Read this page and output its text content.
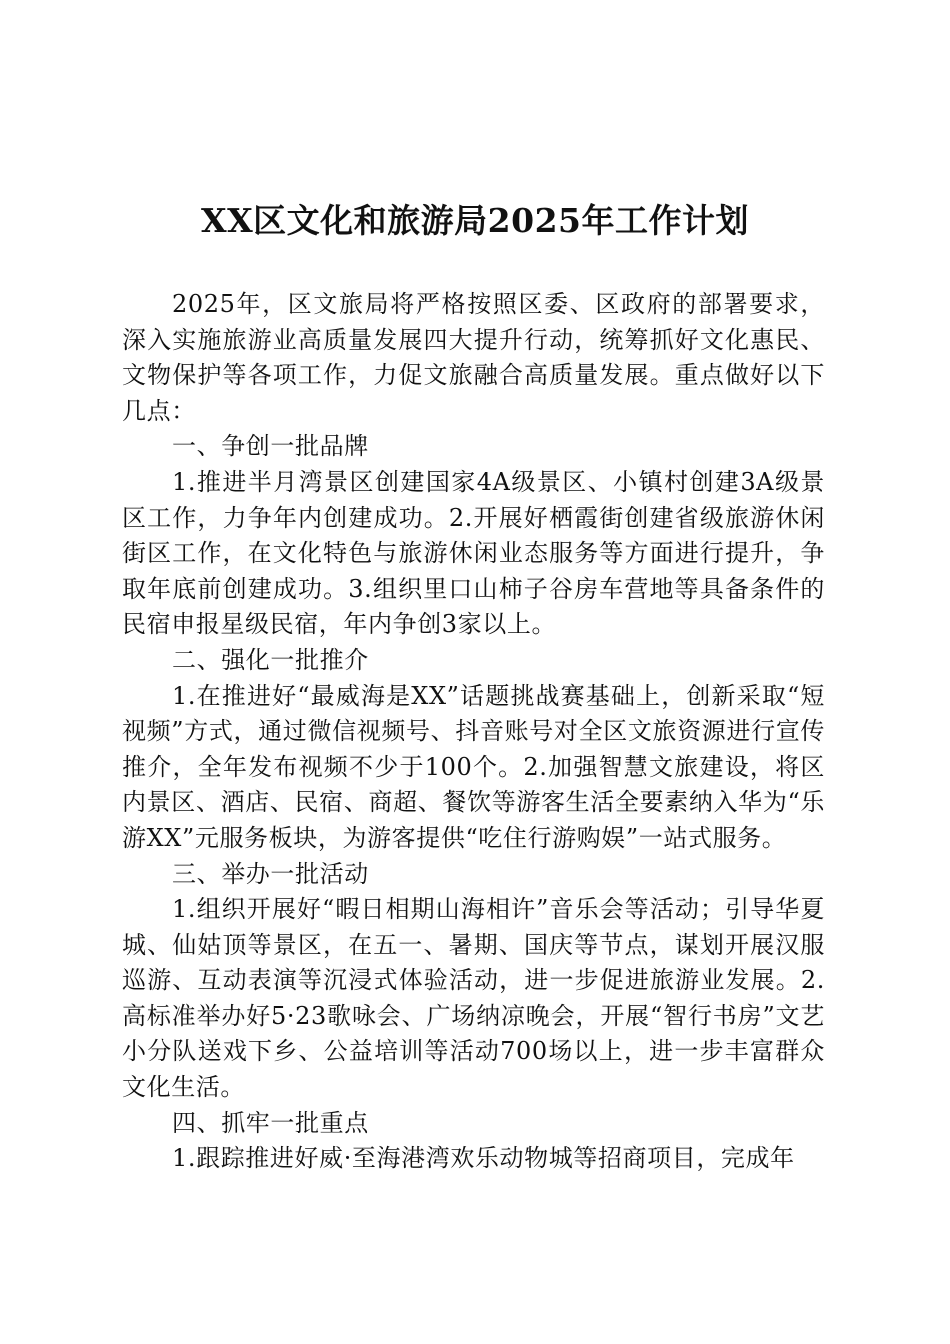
XX区文化和旅游局2025年工作计划

2025年，区文旅局将严格按照区委、区政府的部署要求，深入实施旅游业高质量发展四大提升行动，统筹抓好文化惠民、文物保护等各项工作，力促文旅融合高质量发展。重点做好以下几点：

一、争创一批品牌

1.推进半月湾景区创建国家4A级景区、小镇村创建3A级景区工作，力争年内创建成功。2.开展好栖霞街创建省级旅游休闲街区工作，在文化特色与旅游休闲业态服务等方面进行提升，争取年底前创建成功。3.组织里口山柿子谷房车营地等具备条件的民宿申报星级民宿，年内争创3家以上。

二、强化一批推介

1.在推进好“最威海是XX”话题挑战赛基础上，创新采取“短视频”方式，通过微信视频号、抖音账号对全区文旅资源进行宣传推介，全年发布视频不少于100个。2.加强智慧文旅建设，将区内景区、酒店、民宿、商超、餐饮等游客生活全要素纳入华为“乐游XX”元服务板块，为游客提供“吃住行游购娱”一站式服务。

三、举办一批活动

1.组织开展好“暇日相期山海相许”音乐会等活动；引导华夏城、仙姑顶等景区，在五一、暑期、国庆等节点，谋划开展汉服巡游、互动表演等沉浸式体验活动，进一步促进旅游业发展。2.高标准举办好5·23歌咏会、广场纳凉晚会，开展“智行书房”文艺小分队送戏下乡、公益培训等活动700场以上，进一步丰富群众文化生活。

四、抓牢一批重点

1.跟踪推进好威·至海港湾欢乐动物城等招商项目，完成年
